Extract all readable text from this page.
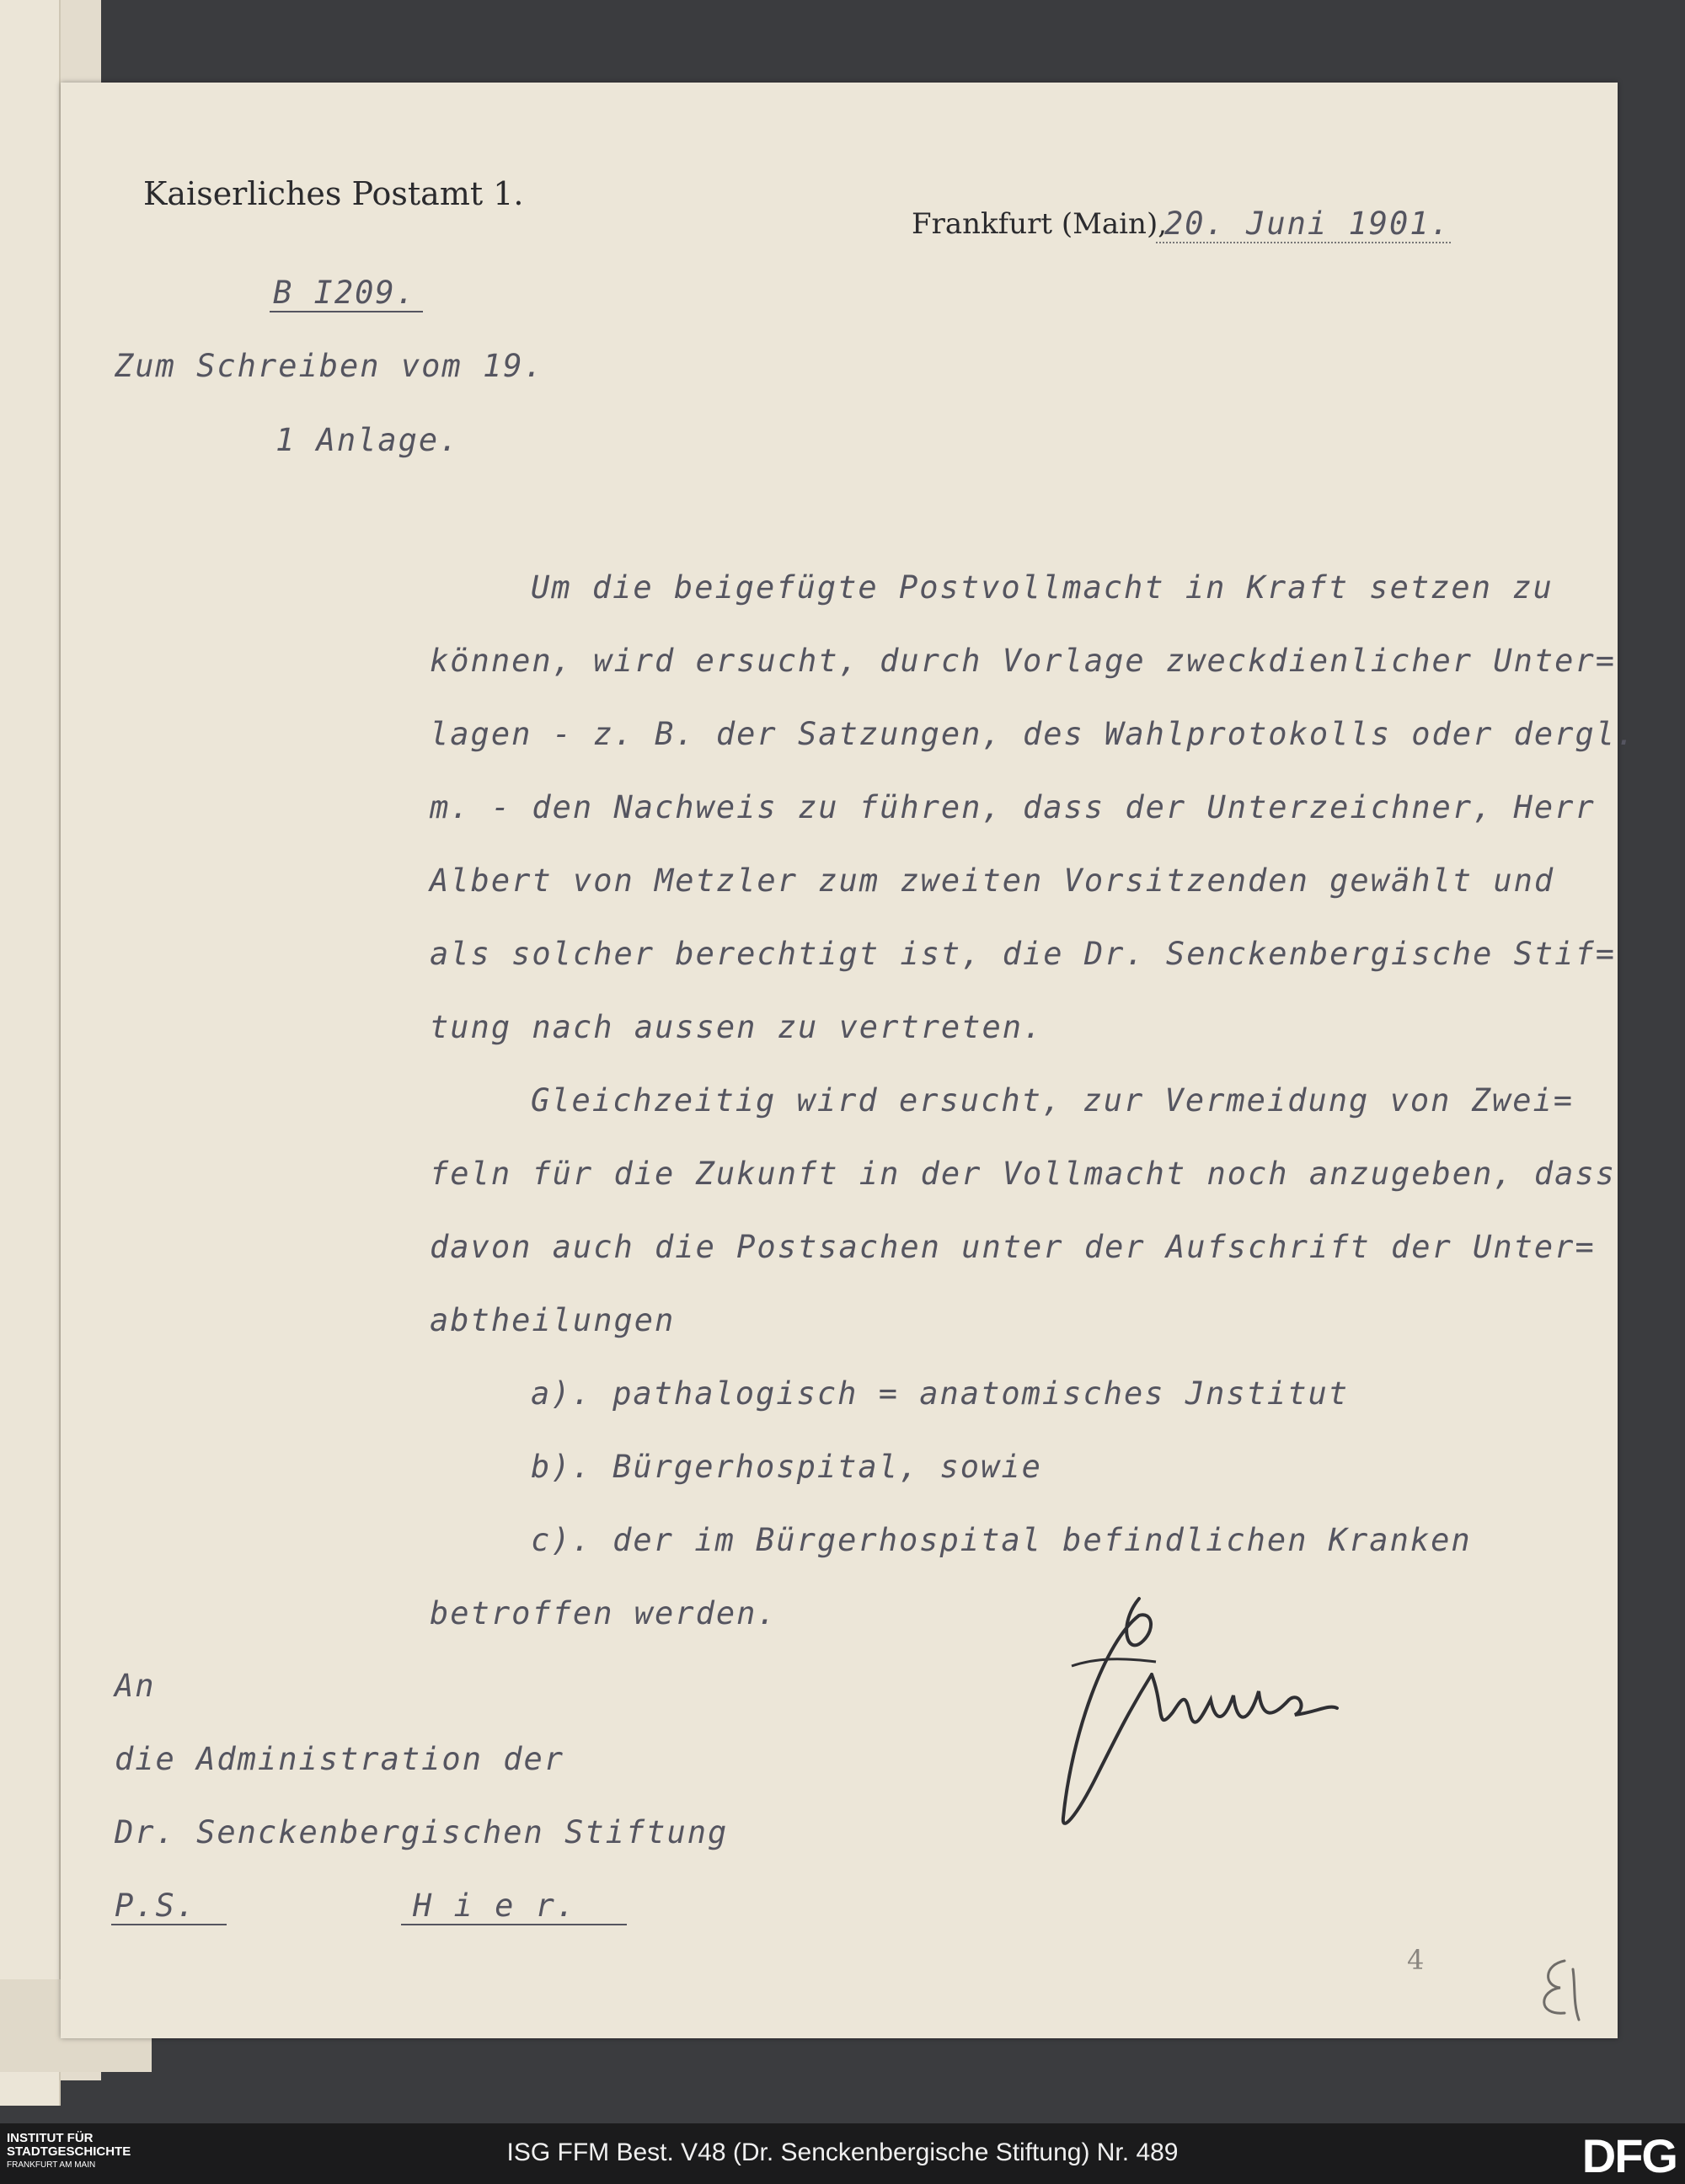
Kaiserliches Postamt 1.
Frankfurt (Main),
20. Juni 1901.
B I209.
Zum Schreiben vom 19.
1 Anlage.
Um die beigefügte Postvollmacht in Kraft setzen zu
können, wird ersucht, durch Vorlage zweckdienlicher Unter=
lagen - z. B. der Satzungen, des Wahlprotokolls oder dergl.
m. - den Nachweis zu führen, dass der Unterzeichner, Herr
Albert von Metzler zum zweiten Vorsitzenden gewählt und
als solcher berechtigt ist, die Dr. Senckenbergische Stif=
tung nach aussen zu vertreten.
Gleichzeitig wird ersucht, zur Vermeidung von Zwei=
feln für die Zukunft in der Vollmacht noch anzugeben, dass
davon auch die Postsachen unter der Aufschrift der Unter=
abtheilungen
a). pathalogisch = anatomisches Jnstitut
b). Bürgerhospital, sowie
c). der im Bürgerhospital befindlichen Kranken
betroffen werden.
An
die Administration der
Dr. Senckenbergischen Stiftung
P.S.	H i e r.
4
INSTITUT FÜR
STADTGESCHICHTE
FRANKFURT AM MAIN	ISG FFM Best. V48 (Dr. Senckenbergische Stiftung) Nr. 489	DFG
